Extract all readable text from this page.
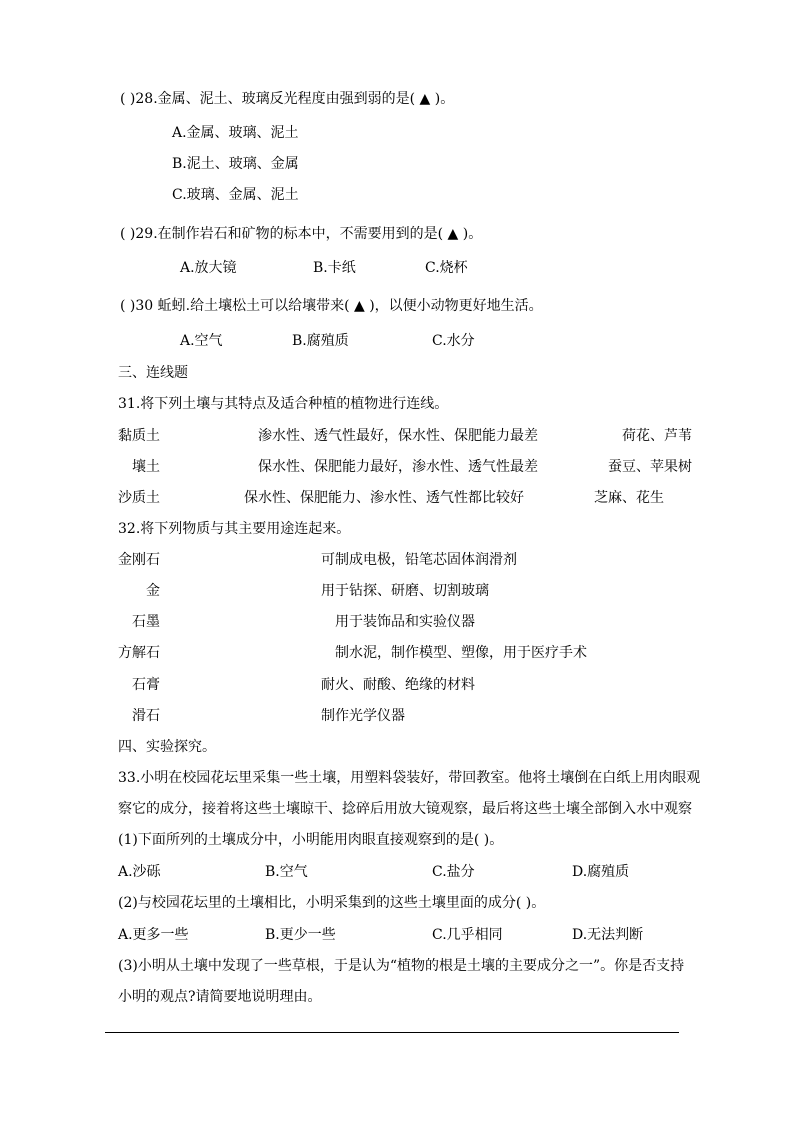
( )28.金属、泥土、玻璃反光程度由强到弱的是( ▲ )。
A.金属、玻璃、泥土
B.泥土、玻璃、金属
C.玻璃、金属、泥土
( )29.在制作岩石和矿物的标本中，不需要用到的是( ▲ )。
A.放大镜	B.卡纸	C.烧杯
( )30 蚯蚓.给土壤松土可以给壤带来( ▲ )，以便小动物更好地生活。
A.空气	B.腐殖质	C.水分
三、连线题
31.将下列土壤与其特点及适合种植的植物进行连线。
黏质土	渗水性、透气性最好，保水性、保肥能力最差	荷花、芦苇
壤土	保水性、保肥能力最好，渗水性、透气性最差	蚕豆、苹果树
沙质土	保水性、保肥能力、渗水性、透气性都比较好	芝麻、花生
32.将下列物质与其主要用途连起来。
金刚石	可制成电极，铅笔芯固体润滑剂
金	用于钻探、研磨、切割玻璃
石墨	用于装饰品和实验仪器
方解石	制水泥，制作模型、塑像，用于医疗手术
石膏	耐火、耐酸、绝缘的材料
滑石	制作光学仪器
四、实验探究。
33.小明在校园花坛里采集一些土壤，用塑料袋装好，带回教室。他将土壤倒在白纸上用肉眼观
察它的成分，接着将这些土壤晾干、捻碎后用放大镜观察，最后将这些土壤全部倒入水中观察
(1)下面所列的土壤成分中，小明能用肉眼直接观察到的是( )。
A.沙砾	B.空气	C.盐分	D.腐殖质
(2)与校园花坛里的土壤相比，小明采集到的这些土壤里面的成分( )。
A.更多一些	B.更少一些	C.几乎相同	D.无法判断
(3)小明从土壤中发现了一些草根，于是认为“植物的根是土壤的主要成分之一”。你是否支持
小明的观点?请简要地说明理由。
